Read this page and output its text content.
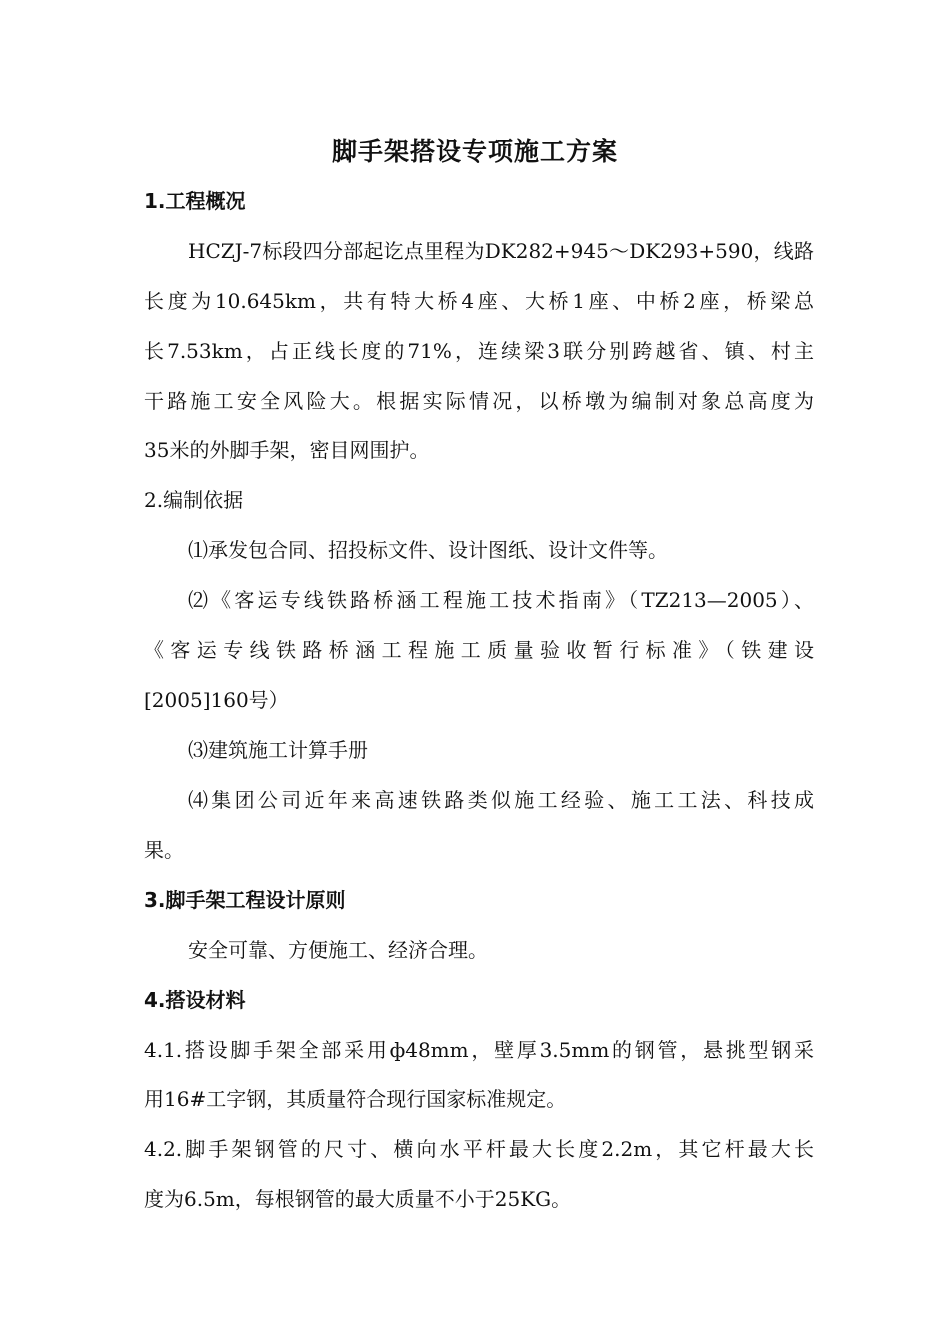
脚手架搭设专项施工方案
1.工程概况
HCZJ-7标段四分部起讫点里程为DK282+945～DK293+590，线路
长度为10.645km，共有特大桥4座、大桥1座、中桥2座，桥梁总
长7.53km，占正线长度的71%，连续梁3联分别跨越省、镇、村主
干路施工安全风险大。根据实际情况，以桥墩为编制对象总高度为
35米的外脚手架，密目网围护。
2.编制依据
⑴承发包合同、招投标文件、设计图纸、设计文件等。
⑵《客运专线铁路桥涵工程施工技术指南》（TZ213—2005）、
《客运专线铁路桥涵工程施工质量验收暂行标准》（铁建设
[2005]160号）
⑶建筑施工计算手册
⑷集团公司近年来高速铁路类似施工经验、施工工法、科技成
果。
3.脚手架工程设计原则
安全可靠、方便施工、经济合理。
4.搭设材料
4.1.搭设脚手架全部采用ф48mm，壁厚3.5mm的钢管，悬挑型钢采
用16#工字钢，其质量符合现行国家标准规定。
4.2.脚手架钢管的尺寸、横向水平杆最大长度2.2m，其它杆最大长
度为6.5m，每根钢管的最大质量不小于25KG。
